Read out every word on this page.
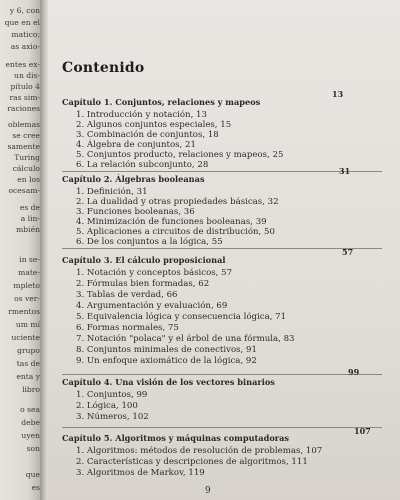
y 6, con
que en el
matico;
as axio-
entes ex-
un dis-
pítulo 4
ras sim-
raciones
oblemas
se cree
samente
Turing
cálculo
en los
ocesam-
es de
a lin-
mbién
in se-
mate-
mpleto
os ver-
rmentos
um mí
uciente
grupo
tas de
enta y
libro
o sea
debe
uyen
son
que
es
Contenido
Capítulo 1. Conjuntos, relaciones y mapeos
13
1. Introducción y notación, 13
2. Algunos conjuntos especiales, 15
3. Combinación de conjuntos, 18
4. Álgebra de conjuntos, 21
5. Conjuntos producto, relaciones y mapeos, 25
6. La relación subconjunto, 28
Capítulo 2. Álgebras booleanas
31
1. Definición, 31
2. La dualidad y otras propiedades básicas, 32
3. Funciones booleanas, 36
4. Minimización de funciones booleanas, 39
5. Aplicaciones a circuitos de distribución, 50
6. De los conjuntos a la lógica, 55
Capítulo 3. El cálculo proposicional
57
1. Notación y conceptos básicos, 57
2. Fórmulas bien formadas, 62
3. Tablas de verdad, 66
4. Argumentación y evaluación, 69
5. Equivalencia lógica y consecuencia lógica, 71
6. Formas normales, 75
7. Notación "polaca" y el árbol de una fórmula, 83
8. Conjuntos minimales de conectivos, 91
9. Un enfoque axiomático de la lógica, 92
Capítulo 4. Una visión de los vectores binarios
99
1. Conjuntos, 99
2. Lógica, 100
3. Números, 102
Capítulo 5. Algoritmos y máquinas computadoras
107
1. Algoritmos: métodos de resolución de problemas, 107
2. Características y descripciones de algoritmos, 111
3. Algoritmos de Markov, 119
9
